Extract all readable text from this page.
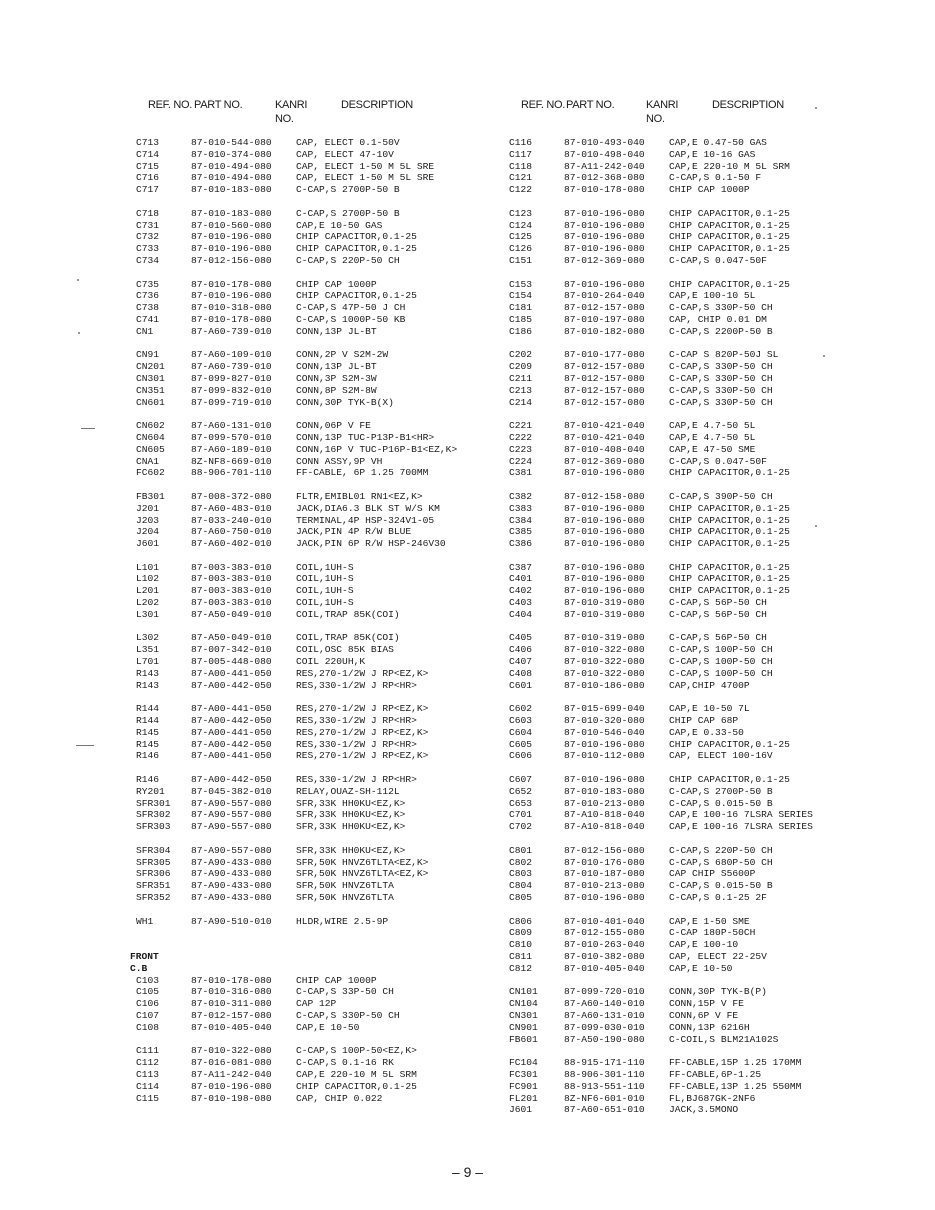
REF. NO. PART NO.	KANRI
NO.
DESCRIPTION	REF. NO. PART NO.	KANRI
NO.
DESCRIPTION
C713	87-010-544-080	CAP, ELECT 0.1-50V
C714	87-010-374-080	CAP, ELECT 47-10V
C715	87-010-494-080	CAP, ELECT 1-50 M 5L SRE
C716	87-010-494-080	CAP, ELECT 1-50 M 5L SRE
C717	87-010-183-080	C-CAP,S 2700P-50 B
C718	87-010-183-080	C-CAP,S 2700P-50 B
C731	87-010-560-080	CAP,E 10-50 GAS
C732	87-010-196-080	CHIP CAPACITOR,0.1-25
C733	87-010-196-080	CHIP CAPACITOR,0.1-25
C734	87-012-156-080	C-CAP,S 220P-50 CH
C735	87-010-178-080	CHIP CAP 1000P
C736	87-010-196-080	CHIP CAPACITOR,0.1-25
C738	87-010-318-080	C-CAP,S 47P-50 J CH
C741	87-010-178-080	C-CAP,S 1000P-50 KB
CN1	87-A60-739-010	CONN,13P JL-BT
CN91	87-A60-109-010	CONN,2P V S2M-2W
CN201	87-A60-739-010	CONN,13P JL-BT
CN301	87-099-827-010	CONN,3P S2M-3W
CN351	87-099-832-010	CONN,8P S2M-8W
CN601	87-099-719-010	CONN,30P TYK-B(X)
CN602	87-A60-131-010	CONN,06P V FE
CN604	87-099-570-010	CONN,13P TUC-P13P-B1<HR>
CN605	87-A60-189-010	CONN,16P V TUC-P16P-B1<EZ,K>
CNA1	8Z-NF8-669-010	CONN ASSY,9P VH
FC602	88-906-701-110	FF-CABLE, 6P 1.25 700MM
FB301	87-008-372-080	FLTR,EMIBL01 RN1<EZ,K>
J201	87-A60-483-010	JACK,DIA6.3 BLK ST W/S KM
J203	87-033-240-010	TERMINAL,4P HSP-324V1-05
J204	87-A60-750-010	JACK,PIN 4P R/W BLUE
J601	87-A60-402-010	JACK,PIN 6P R/W HSP-246V30
L101	87-003-383-010	COIL,1UH-S
L102	87-003-383-010	COIL,1UH-S
L201	87-003-383-010	COIL,1UH-S
L202	87-003-383-010	COIL,1UH-S
L301	87-A50-049-010	COIL,TRAP 85K(COI)
L302	87-A50-049-010	COIL,TRAP 85K(COI)
L351	87-007-342-010	COIL,OSC 85K BIAS
L701	87-005-448-080	COIL 220UH,K
R143	87-A00-441-050	RES,270-1/2W J RP<EZ,K>
R143	87-A00-442-050	RES,330-1/2W J RP<HR>
R144	87-A00-441-050	RES,270-1/2W J RP<EZ,K>
R144	87-A00-442-050	RES,330-1/2W J RP<HR>
R145	87-A00-441-050	RES,270-1/2W J RP<EZ,K>
R145	87-A00-442-050	RES,330-1/2W J RP<HR>
R146	87-A00-441-050	RES,270-1/2W J RP<EZ,K>
R146	87-A00-442-050	RES,330-1/2W J RP<HR>
RY201	87-045-382-010	RELAY,OUAZ-SH-112L
SFR301 87-A90-557-080	SFR,33K HH0KU<EZ,K>
SFR302 87-A90-557-080	SFR,33K HH0KU<EZ,K>
SFR303 87-A90-557-080	SFR,33K HH0KU<EZ,K>
SFR304 87-A90-557-080	SFR,33K HH0KU<EZ,K>
SFR305 87-A90-433-080	SFR,50K HNVZ6TLTA<EZ,K>
SFR306 87-A90-433-080	SFR,50K HNVZ6TLTA<EZ,K>
SFR351 87-A90-433-080	SFR,50K HNVZ6TLTA
SFR352 87-A90-433-080	SFR,50K HNVZ6TLTA
WH1	87-A90-510-010	HLDR,WIRE 2.5-9P
FRONT C.B
C103	87-010-178-080	CHIP CAP 1000P
C105	87-010-316-080	C-CAP,S 33P-50 CH
C106	87-010-311-080	CAP 12P
C107	87-012-157-080	C-CAP,S 330P-50 CH
C108	87-010-405-040	CAP,E 10-50
C111	87-010-322-080	C-CAP,S 100P-50<EZ,K>
C112	87-016-081-080	C-CAP,S 0.1-16 RK
C113	87-A11-242-040	CAP,E 220-10 M 5L SRM
C114	87-010-196-080	CHIP CAPACITOR,0.1-25
C115	87-010-198-080	CAP, CHIP 0.022
C116	87-010-493-040	CAP,E 0.47-50 GAS
C117	87-010-498-040	CAP,E 10-16 GAS
C118	87-A11-242-040	CAP,E 220-10 M 5L SRM
C121	87-012-368-080	C-CAP,S 0.1-50 F
C122	87-010-178-080	CHIP CAP 1000P
C123	87-010-196-080	CHIP CAPACITOR,0.1-25
C124	87-010-196-080	CHIP CAPACITOR,0.1-25
C125	87-010-196-080	CHIP CAPACITOR,0.1-25
C126	87-010-196-080	CHIP CAPACITOR,0.1-25
C151	87-012-369-080	C-CAP,S 0.047-50F
C153	87-010-196-080	CHIP CAPACITOR,0.1-25
C154	87-010-264-040	CAP,E 100-10 5L
C181	87-012-157-080	C-CAP,S 330P-50 CH
C185	87-010-197-080	CAP, CHIP 0.01 DM
C186	87-010-182-080	C-CAP,S 2200P-50 B
C202	87-010-177-080	C-CAP S 820P-50J SL
C209	87-012-157-080	C-CAP,S 330P-50 CH
C211	87-012-157-080	C-CAP,S 330P-50 CH
C213	87-012-157-080	C-CAP,S 330P-50 CH
C214	87-012-157-080	C-CAP,S 330P-50 CH
C221	87-010-421-040	CAP,E 4.7-50 5L
C222	87-010-421-040	CAP,E 4.7-50 5L
C223	87-010-408-040	CAP,E 47-50 SME
C224	87-012-369-080	C-CAP,S 0.047-50F
C381	87-010-196-080	CHIP CAPACITOR,0.1-25
C382	87-012-158-080	C-CAP,S 390P-50 CH
C383	87-010-196-080	CHIP CAPACITOR,0.1-25
C384	87-010-196-080	CHIP CAPACITOR,0.1-25
C385	87-010-196-080	CHIP CAPACITOR,0.1-25
C386	87-010-196-080	CHIP CAPACITOR,0.1-25
C387	87-010-196-080	CHIP CAPACITOR,0.1-25
C401	87-010-196-080	CHIP CAPACITOR,0.1-25
C402	87-010-196-080	CHIP CAPACITOR,0.1-25
C403	87-010-319-080	C-CAP,S 56P-50 CH
C404	87-010-319-080	C-CAP,S 56P-50 CH
C405	87-010-319-080	C-CAP,S 56P-50 CH
C406	87-010-322-080	C-CAP,S 100P-50 CH
C407	87-010-322-080	C-CAP,S 100P-50 CH
C408	87-010-322-080	C-CAP,S 100P-50 CH
C601	87-010-186-080	CAP,CHIP 4700P
C602	87-015-699-040	CAP,E 10-50 7L
C603	87-010-320-080	CHIP CAP 68P
C604	87-010-546-040	CAP,E 0.33-50
C605	87-010-196-080	CHIP CAPACITOR,0.1-25
C606	87-010-112-080	CAP, ELECT 100-16V
C607	87-010-196-080	CHIP CAPACITOR,0.1-25
C652	87-010-183-080	C-CAP,S 2700P-50 B
C653	87-010-213-080	C-CAP,S 0.015-50 B
C701	87-A10-818-040	CAP,E 100-16 7LSRA SERIES
C702	87-A10-818-040	CAP,E 100-16 7LSRA SERIES
C801	87-012-156-080	C-CAP,S 220P-50 CH
C802	87-010-176-080	C-CAP,S 680P-50 CH
C803	87-010-187-080	CAP CHIP S5600P
C804	87-010-213-080	C-CAP,S 0.015-50 B
C805	87-010-196-080	C-CAP,S 0.1-25 2F
C806	87-010-401-040	CAP,E 1-50 SME
C809	87-012-155-080	C-CAP 180P-50CH
C810	87-010-263-040	CAP,E 100-10
C811	87-010-382-080	CAP, ELECT 22-25V
C812	87-010-405-040	CAP,E 10-50
CN101	87-099-720-010	CONN,30P TYK-B(P)
CN104	87-A60-140-010	CONN,15P V FE
CN301	87-A60-131-010	CONN,6P V FE
CN901	87-099-030-010	CONN,13P 6216H
FB601	87-A50-190-080	C-COIL,S BLM21A102S
FC104	88-915-171-110	FF-CABLE,15P 1.25 170MM
FC301	88-906-301-110	FF-CABLE,6P-1.25
FC901	88-913-551-110	FF-CABLE,13P 1.25 550MM
FL201	8Z-NF6-601-010	FL,BJ687GK-2NF6
J601	87-A60-651-010	JACK,3.5MONO
– 9 –
